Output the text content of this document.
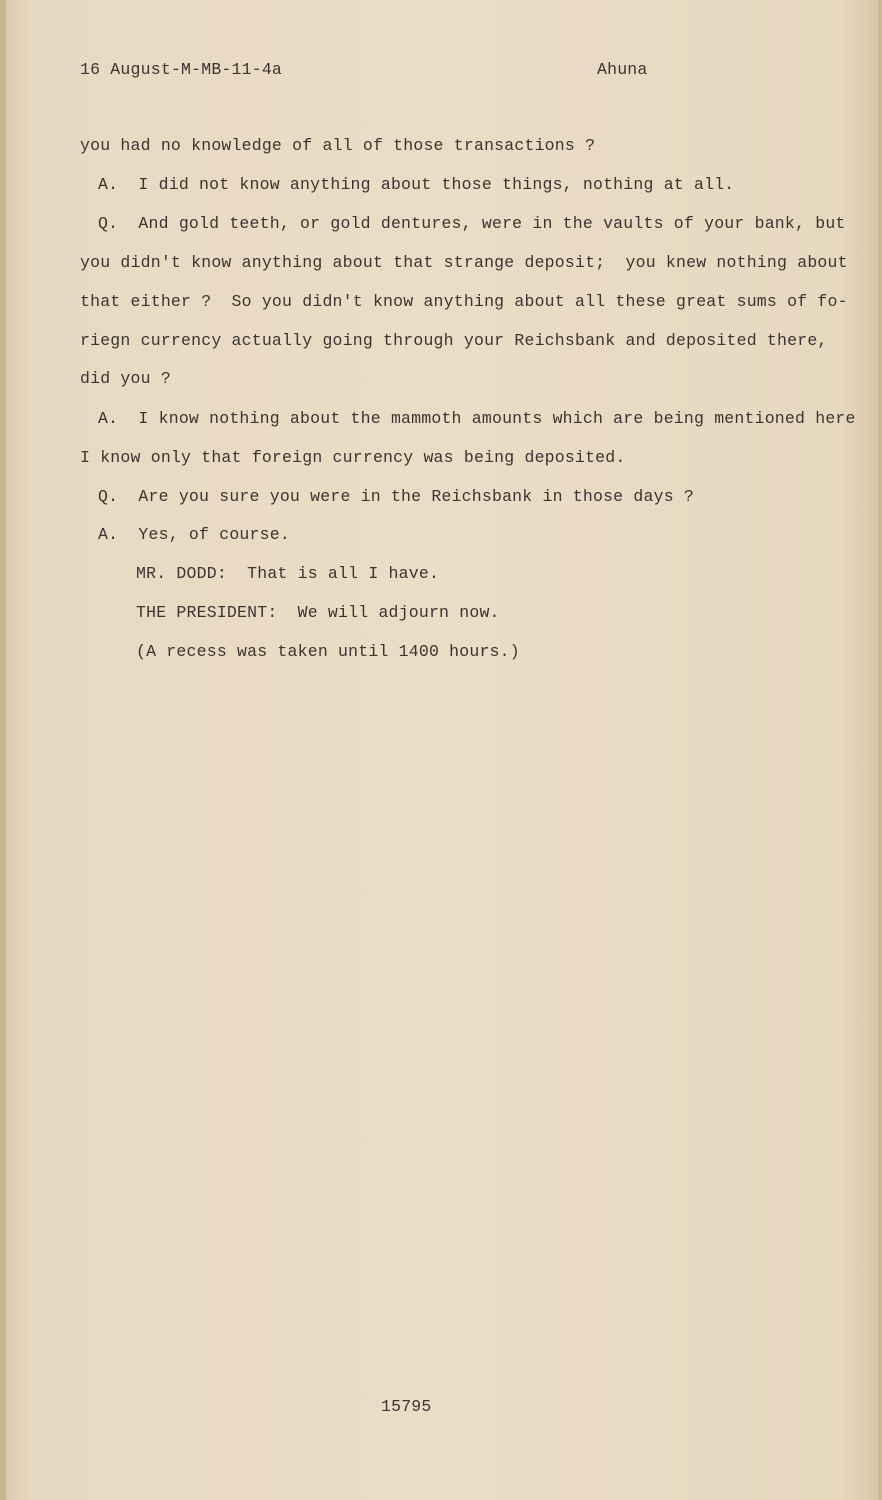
16 August-M-MB-11-4a	Ahuna
you had no knowledge of all of those transactions ?
A.  I did not know anything about those things, nothing at all.
Q.  And gold teeth, or gold dentures, were in the vaults of your bank, but
you didn't know anything about that strange deposit;  you knew nothing about
that either ?  So you didn't know anything about all these great sums of fo-
riegn currency actually going through your Reichsbank and deposited there,
did you ?
A.  I know nothing about the mammoth amounts which are being mentioned here
I know only that foreign currency was being deposited.
Q.  Are you sure you were in the Reichsbank in those days ?
A.  Yes, of course.
MR. DODD:  That is all I have.
THE PRESIDENT:  We will adjourn now.
(A recess was taken until 1400 hours.)
15795
